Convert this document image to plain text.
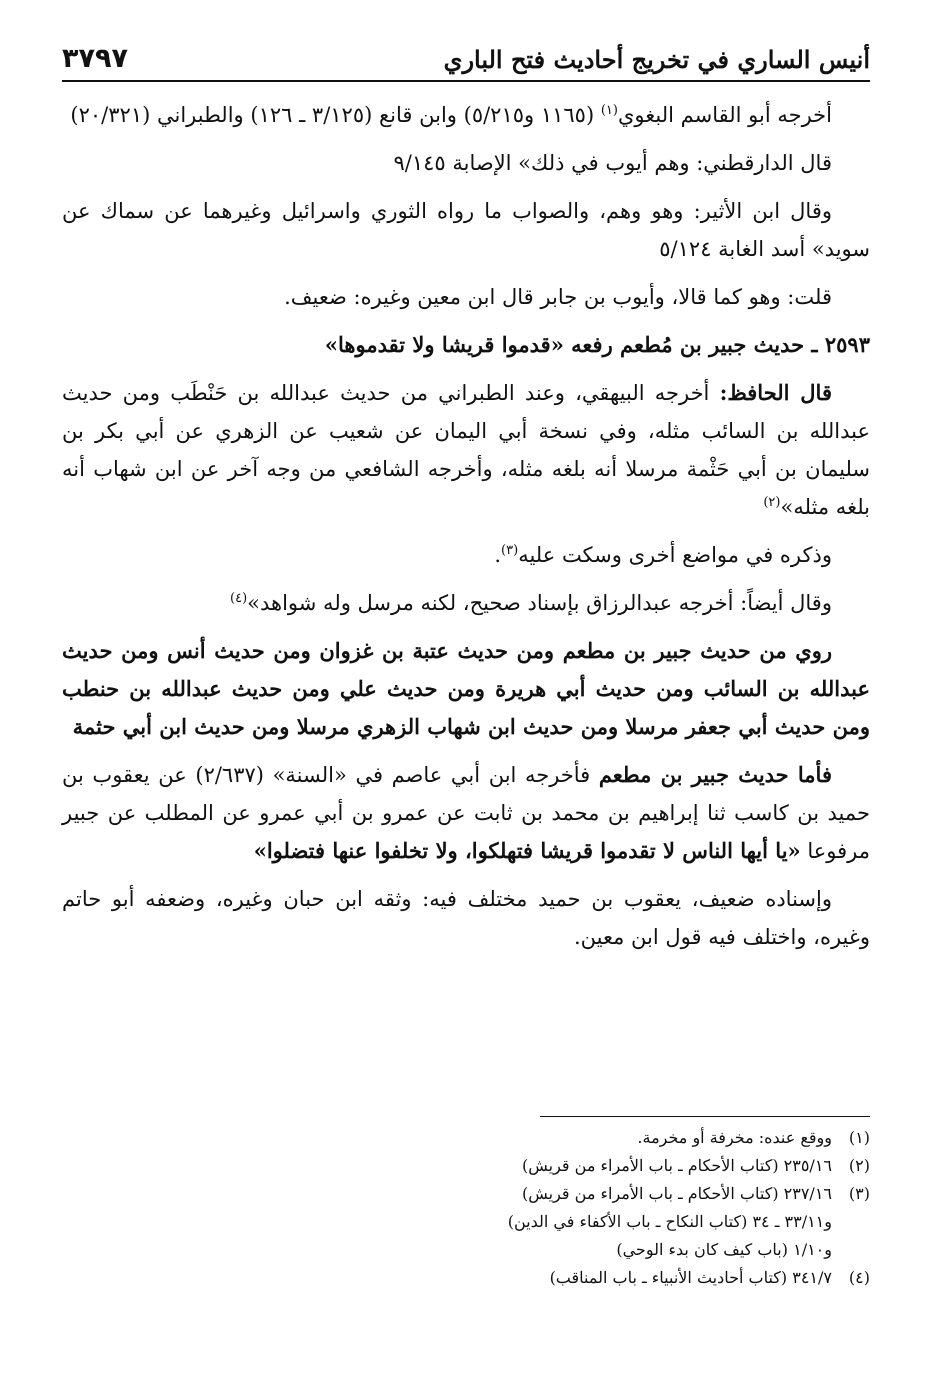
٣٧٩٧	أنيس الساري في تخريج أحاديث فتح الباري

أخرجه أبو القاسم البغوي$^{(١)}$ (١١٦٥ و٥/٢١٥) وابن قانع (٣/١٢٥ ـ ١٢٦) والطبراني (٢٠/٣٢١)

قال الدارقطني: وهم أيوب في ذلك» الإصابة ٩/١٤٥

وقال ابن الأثير: وهو وهم، والصواب ما رواه الثوري واسرائيل وغيرهما عن سماك عن سويد» أسد الغابة ٥/١٢٤

قلت: وهو كما قالا، وأيوب بن جابر قال ابن معين وغيره: ضعيف.

٢٥٩٣ ـ حديث جبير بن مُطعم رفعه «قدموا قريشا ولا تقدموها»

قال الحافظ: أخرجه البيهقي، وعند الطبراني من حديث عبدالله بن حَنْطَب ومن حديث عبدالله بن السائب مثله، وفي نسخة أبي اليمان عن شعيب عن الزهري عن أبي بكر بن سليمان بن أبي حَثْمة مرسلا أنه بلغه مثله، وأخرجه الشافعي من وجه آخر عن ابن شهاب أنه بلغه مثله»$^{(٢)}$

وذكره في مواضع أخرى وسكت عليه$^{(٣)}$.

وقال أيضاً: أخرجه عبدالرزاق بإسناد صحيح، لكنه مرسل وله شواهد»$^{(٤)}$

روي من حديث جبير بن مطعم ومن حديث عتبة بن غزوان ومن حديث أنس ومن حديث عبدالله بن السائب ومن حديث أبي هريرة ومن حديث علي ومن حديث عبدالله بن حنطب ومن حديث أبي جعفر مرسلا ومن حديث ابن شهاب الزهري مرسلا ومن حديث ابن أبي حثمة

فأما حديث جبير بن مطعم فأخرجه ابن أبي عاصم في «السنة» (٢/٦٣٧) عن يعقوب بن حميد بن كاسب ثنا إبراهيم بن محمد بن ثابت عن عمرو بن أبي عمرو عن المطلب عن جبير مرفوعا «يا أيها الناس لا تقدموا قريشا فتهلكوا، ولا تخلفوا عنها فتضلوا»

وإسناده ضعيف، يعقوب بن حميد مختلف فيه: وثقه ابن حبان وغيره، وضعفه أبو حاتم وغيره، واختلف فيه قول ابن معين.

(١)ووقع عنده: مخرفة أو مخرمة.

(٢)٢٣٥/١٦ (كتاب الأحكام ـ باب الأمراء من قريش)

(٣)٢٣٧/١٦ (كتاب الأحكام ـ باب الأمراء من قريش)

و٣٣/١١ ـ ٣٤ (كتاب النكاح ـ باب الأكفاء في الدين)

و١/١٠ (باب كيف كان بدء الوحي)

(٤)٣٤١/٧ (كتاب أحاديث الأنبياء ـ باب المناقب)
